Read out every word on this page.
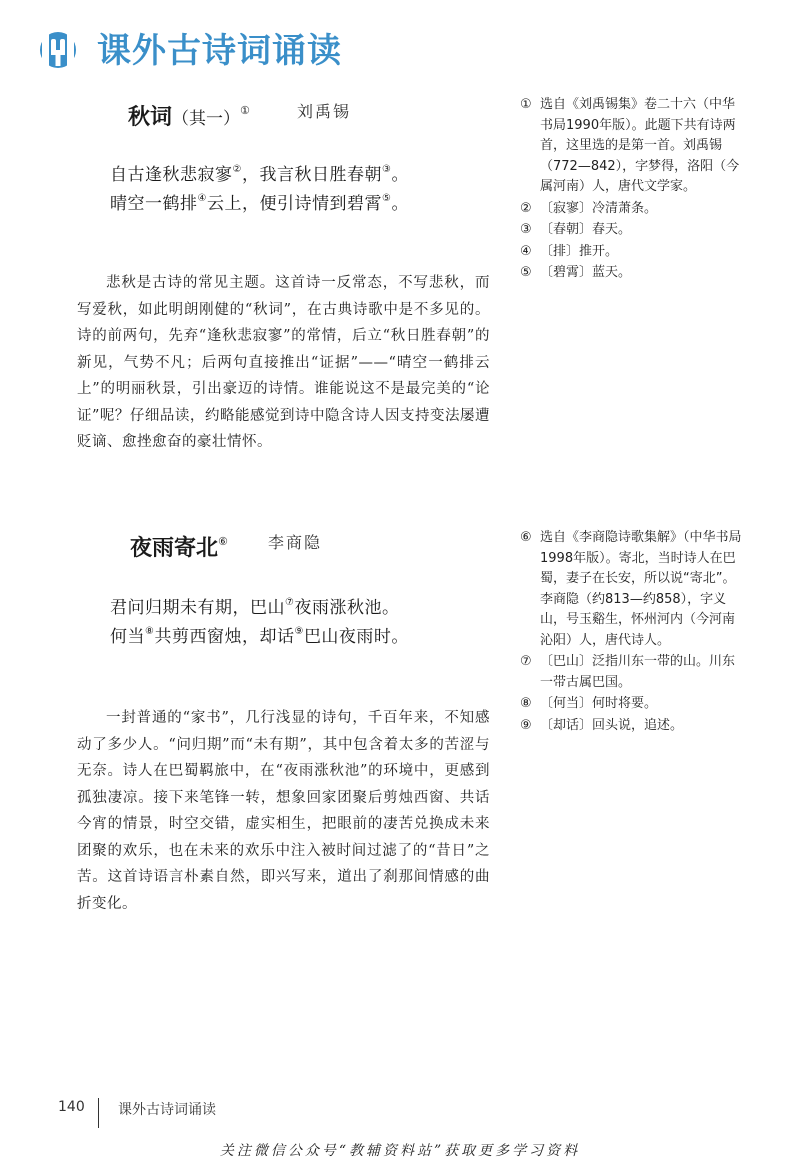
课外古诗词诵读
秋词（其一）①	刘禹锡
自古逢秋悲寂寥②，我言秋日胜春朝③。
晴空一鹤排④云上，便引诗情到碧霄⑤。
悲秋是古诗的常见主题。这首诗一反常态，不写悲秋，而写爱秋，如此明朗刚健的“秋词”，在古典诗歌中是不多见的。诗的前两句，先弃“逢秋悲寂寥”的常情，后立“秋日胜春朝”的新见，气势不凡；后两句直接推出“证据”——“晴空一鹤排云上”的明丽秋景，引出豪迈的诗情。谁能说这不是最完美的“论证”呢？仔细品读，约略能感觉到诗中隐含诗人因支持变法屡遭贬谪、愈挫愈奋的豪壮情怀。
① 选自《刘禹锡集》卷二十六（中华书局1990年版）。此题下共有诗两首，这里选的是第一首。刘禹锡（772—842），字梦得，洛阳（今属河南）人，唐代文学家。
② 〔寂寥〕冷清萧条。
③ 〔春朝〕春天。
④ 〔排〕推开。
⑤ 〔碧霄〕蓝天。
夜雨寄北⑥	李商隐
君问归期未有期，巴山⑦夜雨涨秋池。
何当⑧共剪西窗烛，却话⑨巴山夜雨时。
一封普通的“家书”，几行浅显的诗句，千百年来，不知感动了多少人。“问归期”而“未有期”，其中包含着太多的苦涩与无奈。诗人在巴蜀羁旅中，在“夜雨涨秋池”的环境中，更感到孤独凄凉。接下来笔锋一转，想象回家团聚后剪烛西窗、共话今宵的情景，时空交错，虚实相生，把眼前的凄苦兑换成未来团聚的欢乐，也在未来的欢乐中注入被时间过滤了的“昔日”之苦。这首诗语言朴素自然，即兴写来，道出了刹那间情感的曲折变化。
⑥ 选自《李商隐诗歌集解》（中华书局1998年版）。寄北，当时诗人在巴蜀，妻子在长安，所以说“寄北”。李商隐（约813—约858），字义山，号玉谿生，怀州河内（今河南沁阳）人，唐代诗人。
⑦ 〔巴山〕泛指川东一带的山。川东一带古属巴国。
⑧ 〔何当〕何时将要。
⑨ 〔却话〕回头说，追述。
140 课外古诗词诵读
关注微信公众号“教辅资料站”获取更多学习资料
